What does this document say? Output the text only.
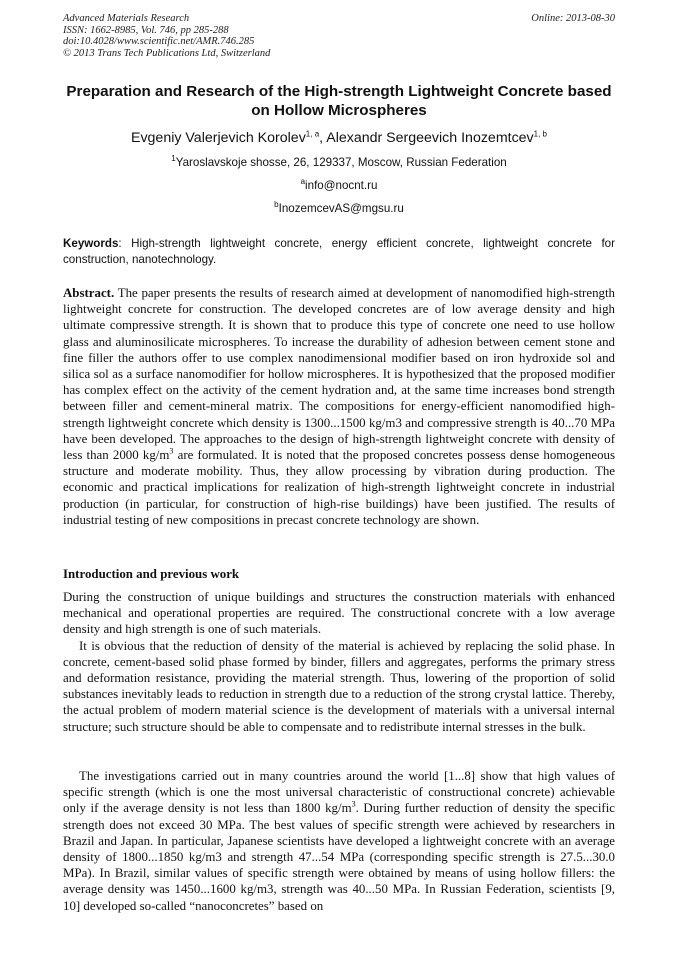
Advanced Materials Research
ISSN: 1662-8985, Vol. 746, pp 285-288
doi:10.4028/www.scientific.net/AMR.746.285
© 2013 Trans Tech Publications Ltd, Switzerland
Online: 2013-08-30
Preparation and Research of the High-strength Lightweight Concrete based on Hollow Microspheres
Evgeniy Valerjevich Korolev$^{1, a}$, Alexandr Sergeevich Inozemtcev$^{1, b}$
$^1$Yaroslavskoje shosse, 26, 129337, Moscow, Russian Federation
$^a$info@nocnt.ru
$^b$InozemcevAS@mgsu.ru
Keywords: High-strength lightweight concrete, energy efficient concrete, lightweight concrete for construction, nanotechnology.
Abstract. The paper presents the results of research aimed at development of nanomodified high-strength lightweight concrete for construction. The developed concretes are of low average density and high ultimate compressive strength. It is shown that to produce this type of concrete one need to use hollow glass and aluminosilicate microspheres. To increase the durability of adhesion between cement stone and fine filler the authors offer to use complex nanodimensional modifier based on iron hydroxide sol and silica sol as a surface nanomodifier for hollow microspheres. It is hypothesized that the proposed modifier has complex effect on the activity of the cement hydration and, at the same time increases bond strength between filler and cement-mineral matrix. The compositions for energy-efficient nanomodified high-strength lightweight concrete which density is 1300...1500 kg/m3 and compressive strength is 40...70 MPa have been developed. The approaches to the design of high-strength lightweight concrete with density of less than 2000 $kg/m^3$ are formulated. It is noted that the proposed concretes possess dense homogeneous structure and moderate mobility. Thus, they allow processing by vibration during production. The economic and practical implications for realization of high-strength lightweight concrete in industrial production (in particular, for construction of high-rise buildings) have been justified. The results of industrial testing of new compositions in precast concrete technology are shown.
Introduction and previous work

During the construction of unique buildings and structures the construction materials with enhanced mechanical and operational properties are required. The constructional concrete with a low average density and high strength is one of such materials.

It is obvious that the reduction of density of the material is achieved by replacing the solid phase. In concrete, cement-based solid phase formed by binder, fillers and aggregates, performs the primary stress and deformation resistance, providing the material strength. Thus, lowering of the proportion of solid substances inevitably leads to reduction in strength due to a reduction of the strong crystal lattice. Thereby, the actual problem of modern material science is the development of materials with a universal internal structure; such structure should be able to compensate and to redistribute internal stresses in the bulk.

The investigations carried out in many countries around the world [1...8] show that high values of specific strength (which is one the most universal characteristic of constructional concrete) achievable only if the average density is not less than 1800 $kg/m^3$. During further reduction of density the specific strength does not exceed 30 MPa. The best values of specific strength were achieved by researchers in Brazil and Japan. In particular, Japanese scientists have developed a lightweight concrete with an average density of 1800...1850 kg/m3 and strength 47...54 MPa (corresponding specific strength is 27.5...30.0 MPa). In Brazil, similar values of specific strength were obtained by means of using hollow fillers: the average density was 1450...1600 kg/m3, strength was 40...50 MPa. In Russian Federation, scientists [9, 10] developed so-called “nanoconcretes” based on
